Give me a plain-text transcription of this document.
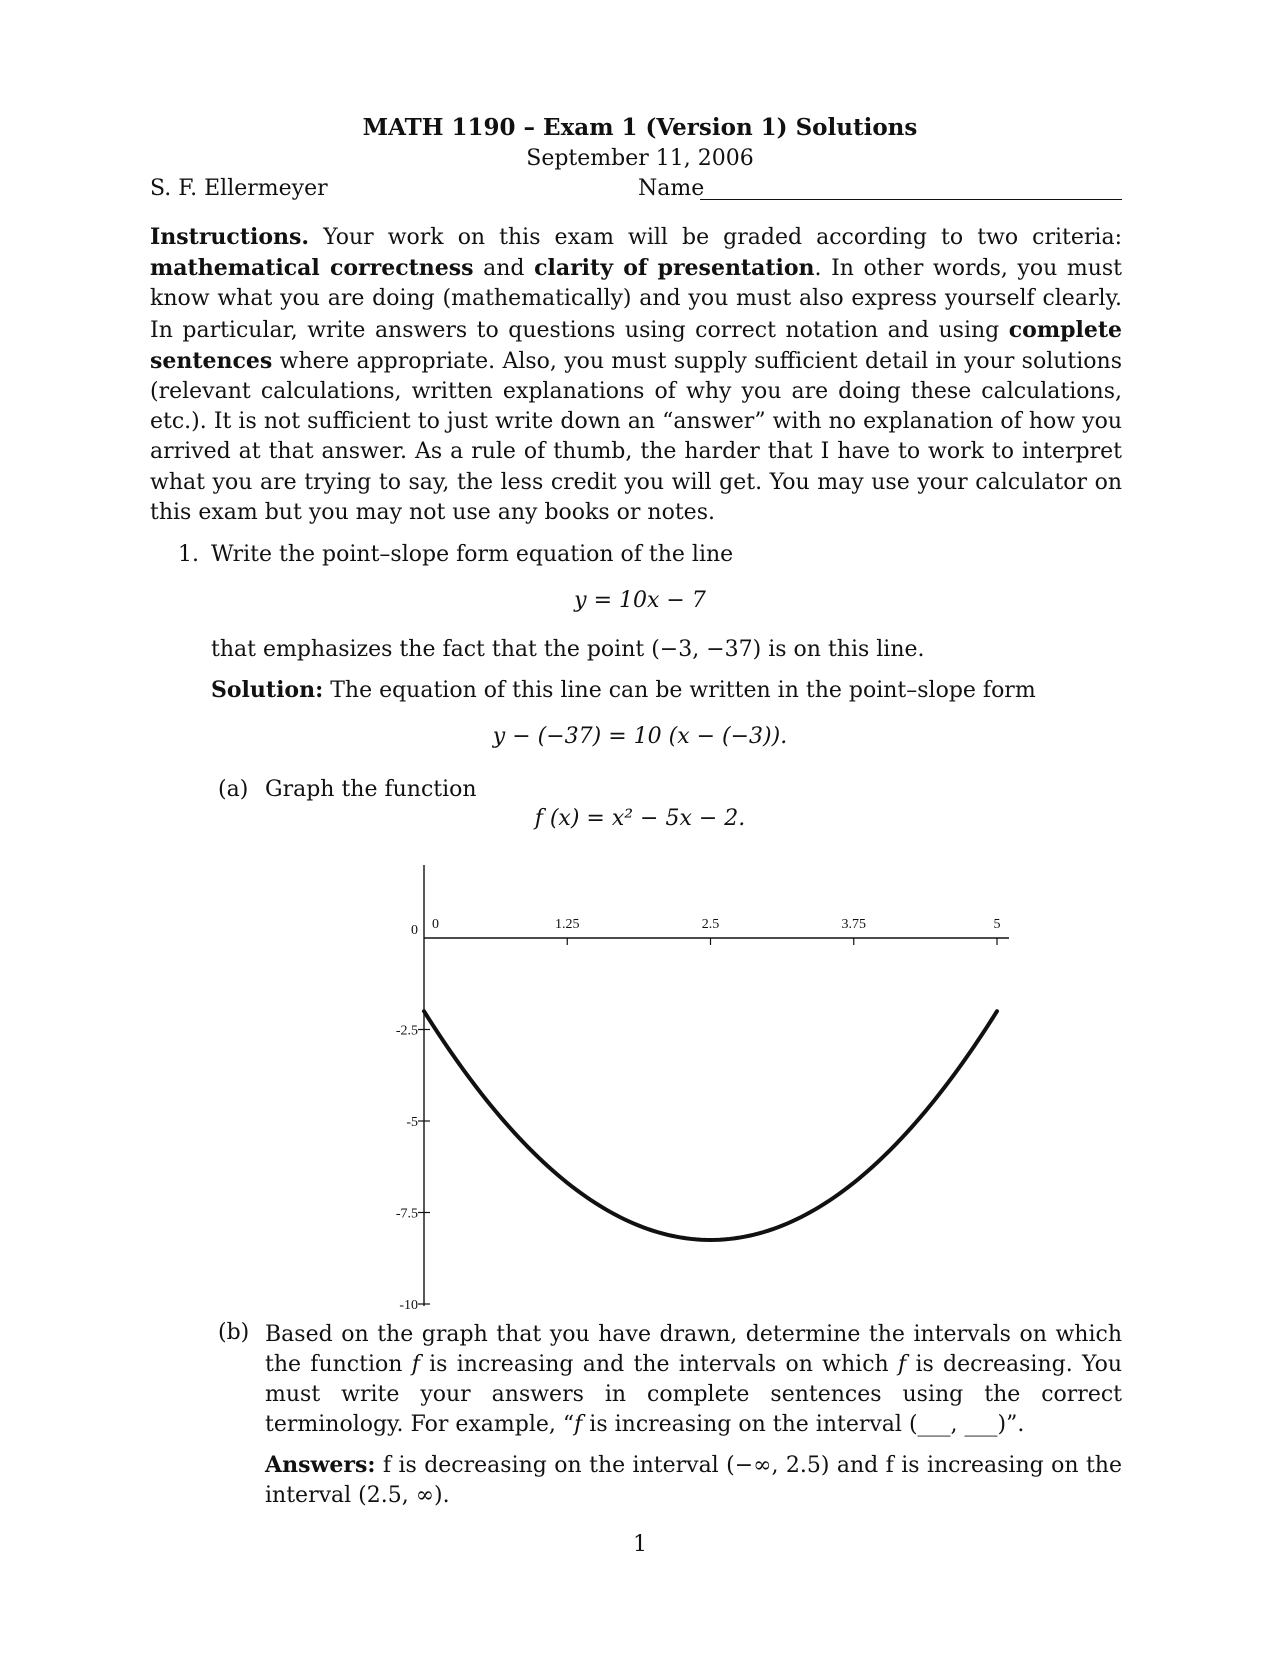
MATH 1190 – Exam 1 (Version 1) Solutions
September 11, 2006
S. F. Ellermeyer	Name
Instructions. Your work on this exam will be graded according to two criteria: mathematical correctness and clarity of presentation. In other words, you must know what you are doing (mathematically) and you must also express yourself clearly. In particular, write answers to questions using correct notation and using complete sentences where appropriate. Also, you must supply sufficient detail in your solutions (relevant calculations, written explanations of why you are doing these calculations, etc.). It is not sufficient to just write down an “answer” with no explanation of how you arrived at that answer. As a rule of thumb, the harder that I have to work to interpret what you are trying to say, the less credit you will get. You may use your calculator on this exam but you may not use any books or notes.
1. Write the point–slope form equation of the line
y = 10x − 7
that emphasizes the fact that the point (−3, −37) is on this line.
Solution: The equation of this line can be written in the point–slope form
y − (−37) = 10 (x − (−3)).
(a) Graph the function
f (x) = x² − 5x − 2.
0	1.25	2.5	3.75	5
0
-2.5
-5
-7.5
-10
(b) Based on the graph that you have drawn, determine the intervals on which the function f is increasing and the intervals on which f is decreasing. You must write your answers in complete sentences using the correct terminology. For example, “f is increasing on the interval (___, ___)”.
Answers: f is decreasing on the interval (−∞, 2.5) and f is increasing on the interval (2.5, ∞).
1
